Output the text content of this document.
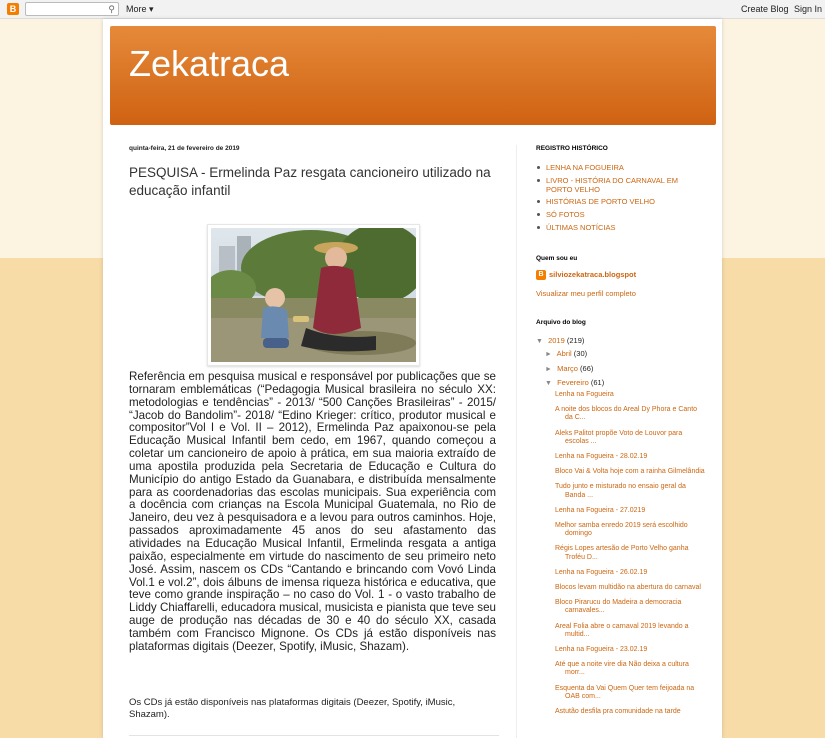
B	⚲ More ▾	Create Blog Sign In
Zekatraca
quinta-feira, 21 de fevereiro de 2019
PESQUISA - Ermelinda Paz resgata cancioneiro utilizado na educação infantil
Referência em pesquisa musical e responsável por publicações que se tornaram emblemáticas (“Pedagogia Musical brasileira no século XX: metodologias e tendências” - 2013/ “500 Canções Brasileiras” - 2015/ “Jacob do Bandolim”- 2018/ “Edino Krieger: crítico, produtor musical e compositor”Vol I e Vol. II – 2012), Ermelinda Paz apaixonou-se pela Educação Musical Infantil bem cedo, em 1967, quando começou a coletar um cancioneiro de apoio à prática, em sua maioria extraído de uma apostila produzida pela Secretaria de Educação e Cultura do Município do antigo Estado da Guanabara, e distribuída mensalmente para as coordenadorias das escolas municipais. Sua experiência com a docência com crianças na Escola Municipal Guatemala, no Rio de Janeiro, deu vez à pesquisadora e a levou para outros caminhos. Hoje, passados aproximadamente 45 anos do seu afastamento das atividades na Educação Musical Infantil, Ermelinda resgata a antiga paixão, especialmente em virtude do nascimento de seu primeiro neto José. Assim, nascem os CDs “Cantando e brincando com Vovó Linda Vol.1 e vol.2”, dois álbuns de imensa riqueza histórica e educativa, que teve como grande inspiração – no caso do Vol. 1 - o vasto trabalho de Liddy Chiaffarelli, educadora musical, musicista e pianista que teve seu auge de produção nas décadas de 30 e 40 do século XX, casada também com Francisco Mignone. Os CDs já estão disponíveis nas plataformas digitais (Deezer, Spotify, iMusic, Shazam).
Os CDs já estão disponíveis nas plataformas digitais (Deezer, Spotify, iMusic, Shazam).
REGISTRO HISTÓRICO
LENHA NA FOGUEIRA
LIVRO - HISTÓRIA DO CARNAVAL EM PORTO VELHO
HISTÓRIAS DE PORTO VELHO
SÓ FOTOS
ÚLTIMAS NOTÍCIAS
Quem sou eu
B silviozekatraca.blogspot
Visualizar meu perfil completo
Arquivo do blog
▼ 2019 (219)
► Abril (30)
► Março (66)
▼ Fevereiro (61)
Lenha na Fogueira
A noite dos blocos do Areal Dy Phora e Canto da C...
Aleks Palitot propõe Voto de Louvor para escolas ...
Lenha na Fogueira - 28.02.19
Bloco Vai & Volta hoje com a rainha Gilmelândia
Tudo junto e misturado no ensaio geral da Banda ...
Lenha na Fogueira - 27.0219
Melhor samba enredo 2019 será escolhido domingo
Régis Lopes artesão de Porto Velho ganha Troféu D...
Lenha na Fogueira - 26.02.19
Blocos levam multidão na abertura do carnaval
Bloco Pirarucu do Madeira a democracia carnavales...
Areal Folia abre o carnaval 2019 levando a multid...
Lenha na Fogueira - 23.02.19
Até que a noite vire dia Não deixa a cultura morr...
Esquenta da Vai Quem Quer tem feijoada na OAB com...
Astutão desfila pra comunidade na tarde
